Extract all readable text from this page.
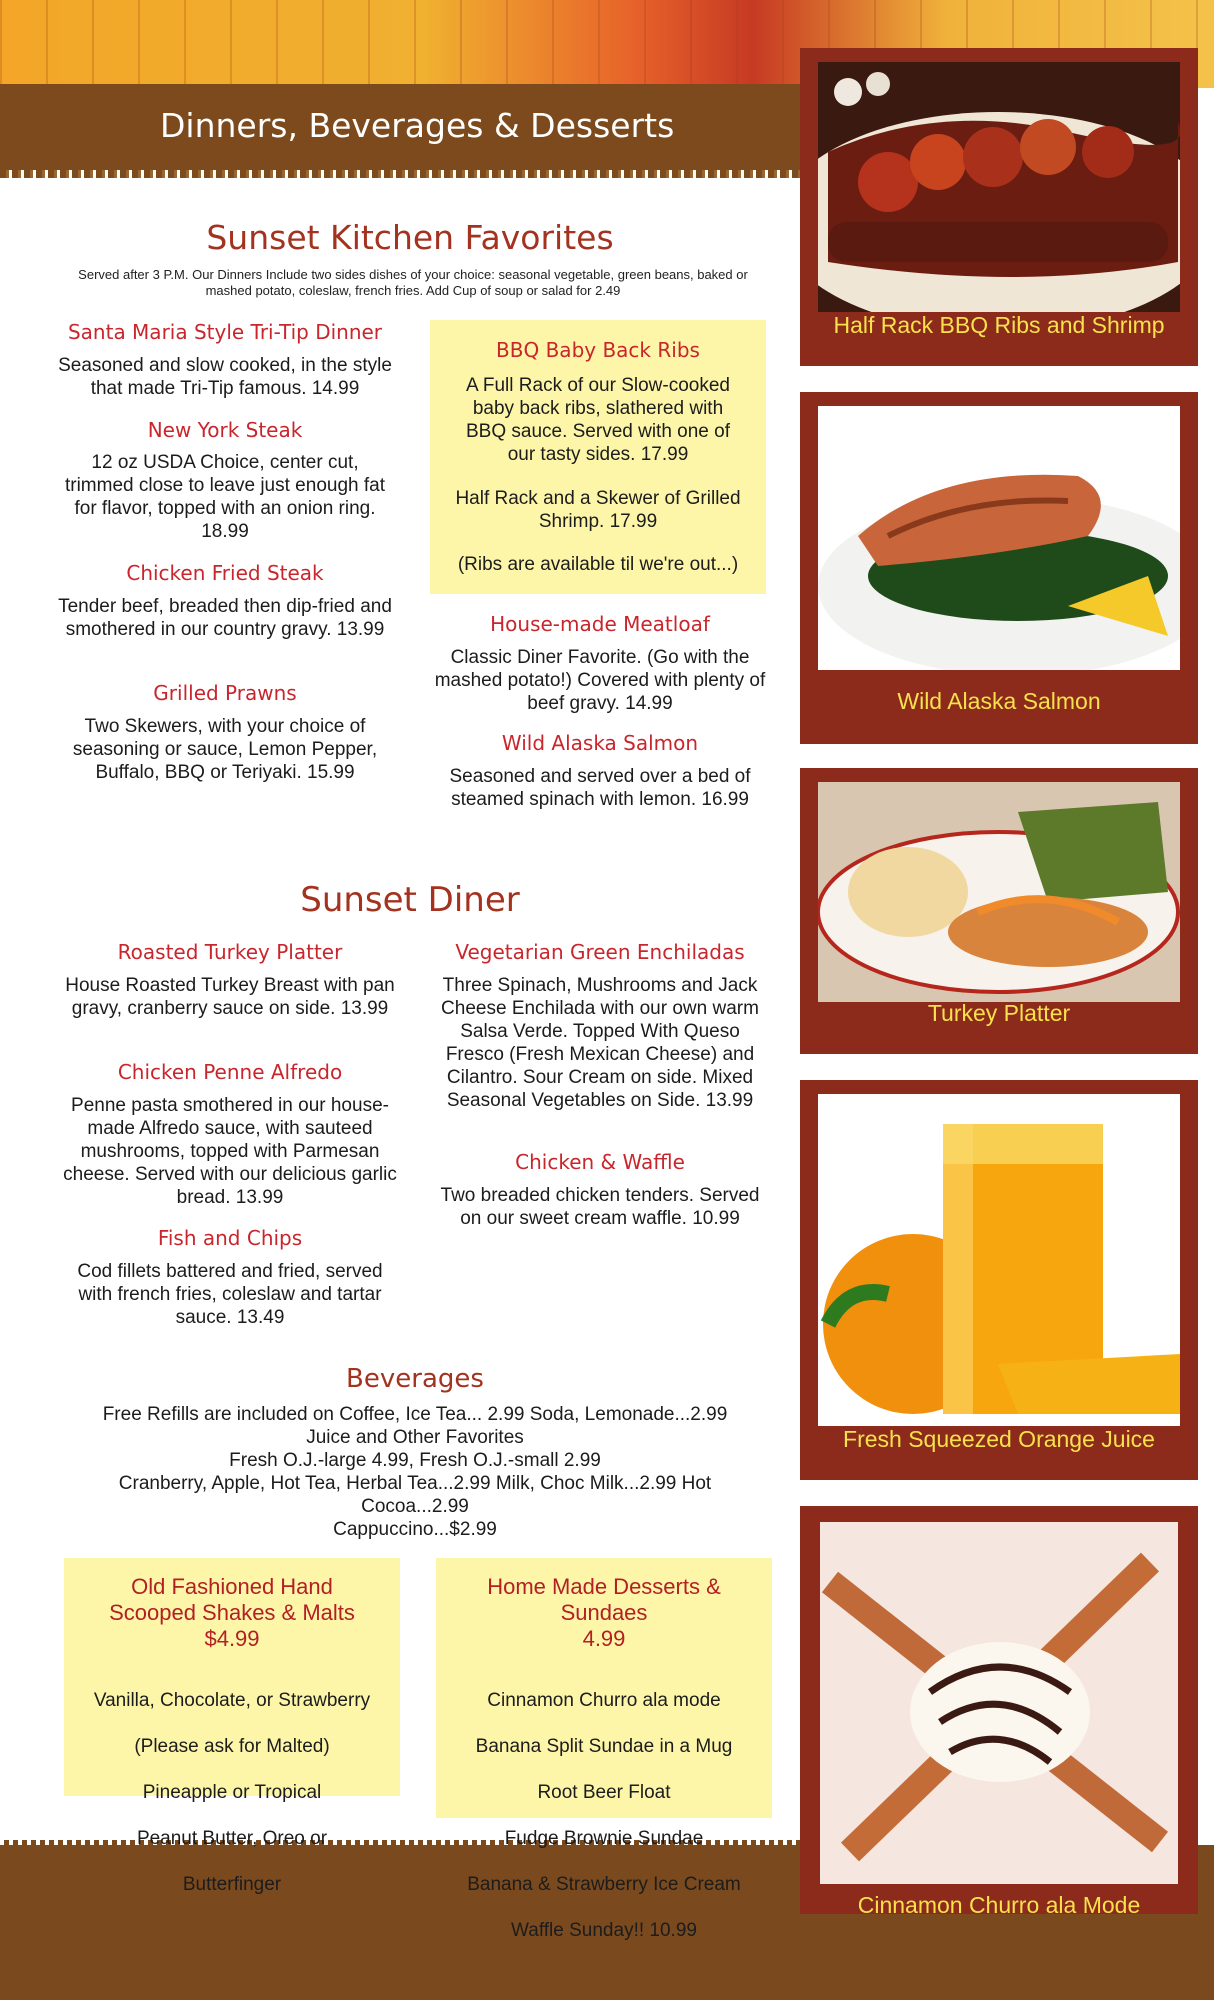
Dinners, Beverages & Desserts
Sunset Kitchen Favorites
Served after 3 P.M. Our Dinners Include two sides dishes of your choice: seasonal vegetable, green beans, baked or mashed potato, coleslaw, french fries. Add Cup of soup or salad for 2.49
Santa Maria Style Tri-Tip Dinner
Seasoned and slow cooked, in the style that made Tri-Tip famous. 14.99
New York Steak
12 oz USDA Choice, center cut, trimmed close to leave just enough fat for flavor, topped with an onion ring. 18.99
Chicken Fried Steak
Tender beef, breaded then dip-fried and smothered in our country gravy. 13.99
Grilled Prawns
Two Skewers, with your choice of seasoning or sauce, Lemon Pepper, Buffalo, BBQ or Teriyaki. 15.99
BBQ Baby Back Ribs
A Full Rack of our Slow-cooked baby back ribs, slathered with BBQ sauce. Served with one of our tasty sides. 17.99
Half Rack and a Skewer of Grilled Shrimp. 17.99
(Ribs are available til we're out...)
House-made Meatloaf
Classic Diner Favorite. (Go with the mashed potato!) Covered with plenty of beef gravy. 14.99
Wild Alaska Salmon
Seasoned and served over a bed of steamed spinach with lemon. 16.99
Sunset Diner
Roasted Turkey Platter
House Roasted Turkey Breast with pan gravy, cranberry sauce on side. 13.99
Chicken Penne Alfredo
Penne pasta smothered in our house-made Alfredo sauce, with sauteed mushrooms, topped with Parmesan cheese. Served with our delicious garlic bread. 13.99
Fish and Chips
Cod fillets battered and fried, served with french fries, coleslaw and tartar sauce. 13.49
Vegetarian Green Enchiladas
Three Spinach, Mushrooms and Jack Cheese Enchilada with our own warm Salsa Verde. Topped With Queso Fresco (Fresh Mexican Cheese) and Cilantro. Sour Cream on side. Mixed Seasonal Vegetables on Side. 13.99
Chicken & Waffle
Two breaded chicken tenders. Served on our sweet cream waffle. 10.99
Beverages
Free Refills are included on Coffee, Ice Tea... 2.99 Soda, Lemonade...2.99
Juice and Other Favorites
Fresh O.J.-large 4.99, Fresh O.J.-small 2.99
Cranberry, Apple, Hot Tea, Herbal Tea...2.99 Milk, Choc Milk...2.99 Hot
Cocoa...2.99
Cappuccino...$2.99
Old Fashioned Hand
Scooped Shakes & Malts
$4.99

Vanilla, Chocolate, or Strawberry

(Please ask for Malted)

Pineapple or Tropical

Peanut Butter, Oreo or

Butterfinger

Home Made Desserts &
Sundaes
4.99

Cinnamon Churro ala mode

Banana Split Sundae in a Mug

Root Beer Float

Fudge Brownie Sundae

Banana & Strawberry Ice Cream

Waffle Sunday!! 10.99

Half Rack BBQ Ribs and Shrimp
Wild Alaska Salmon
Turkey Platter
Fresh Squeezed Orange Juice
Cinnamon Churro ala Mode
